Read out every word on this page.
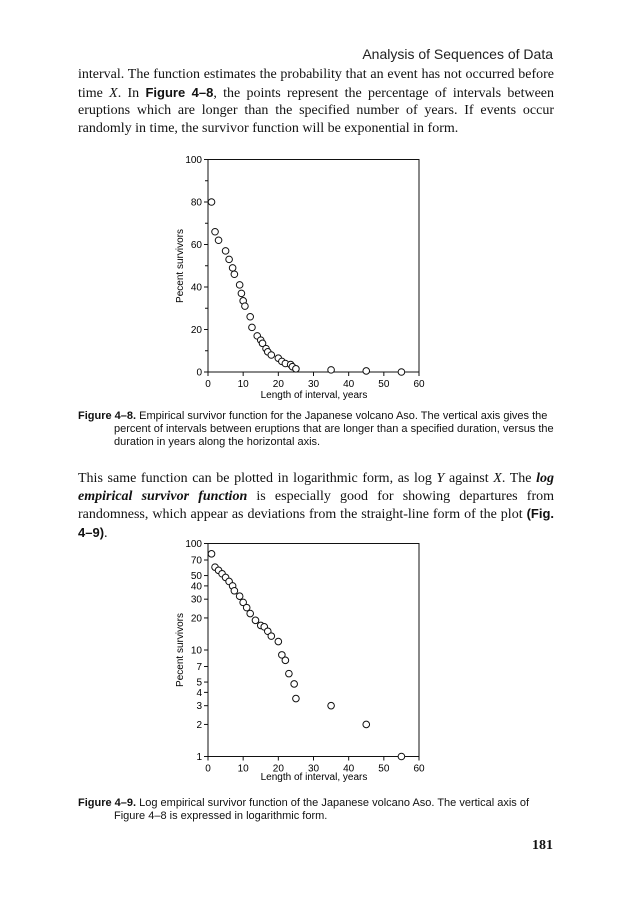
Analysis of Sequences of Data

interval. The function estimates the probability that an event has not occurred before time X. In Figure 4–8, the points represent the percentage of intervals between eruptions which are longer than the specified number of years. If events occur randomly in time, the survivor function will be exponential in form.

0
20
40
60
80
100
0	10 20 30 40 50 60
Pecent survivors
Length of interval, years
Figure 4–8. Empirical survivor function for the Japanese volcano Aso. The vertical axis gives the percent of intervals between eruptions that are longer than a specified duration, versus the duration in years along the horizontal axis.

This same function can be plotted in logarithmic form, as log Y against X. The log empirical survivor function is especially good for showing departures from randomness, which appear as deviations from the straight-line form of the plot (Fig. 4–9).

1
2
3
4
5
7
10
20
30
40
50
70
100
0	10 20 30 40 50 60
Pecent survivors
Length of interval, years
Figure 4–9. Log empirical survivor function of the Japanese volcano Aso. The vertical axis of Figure 4–8 is expressed in logarithmic form.
181
